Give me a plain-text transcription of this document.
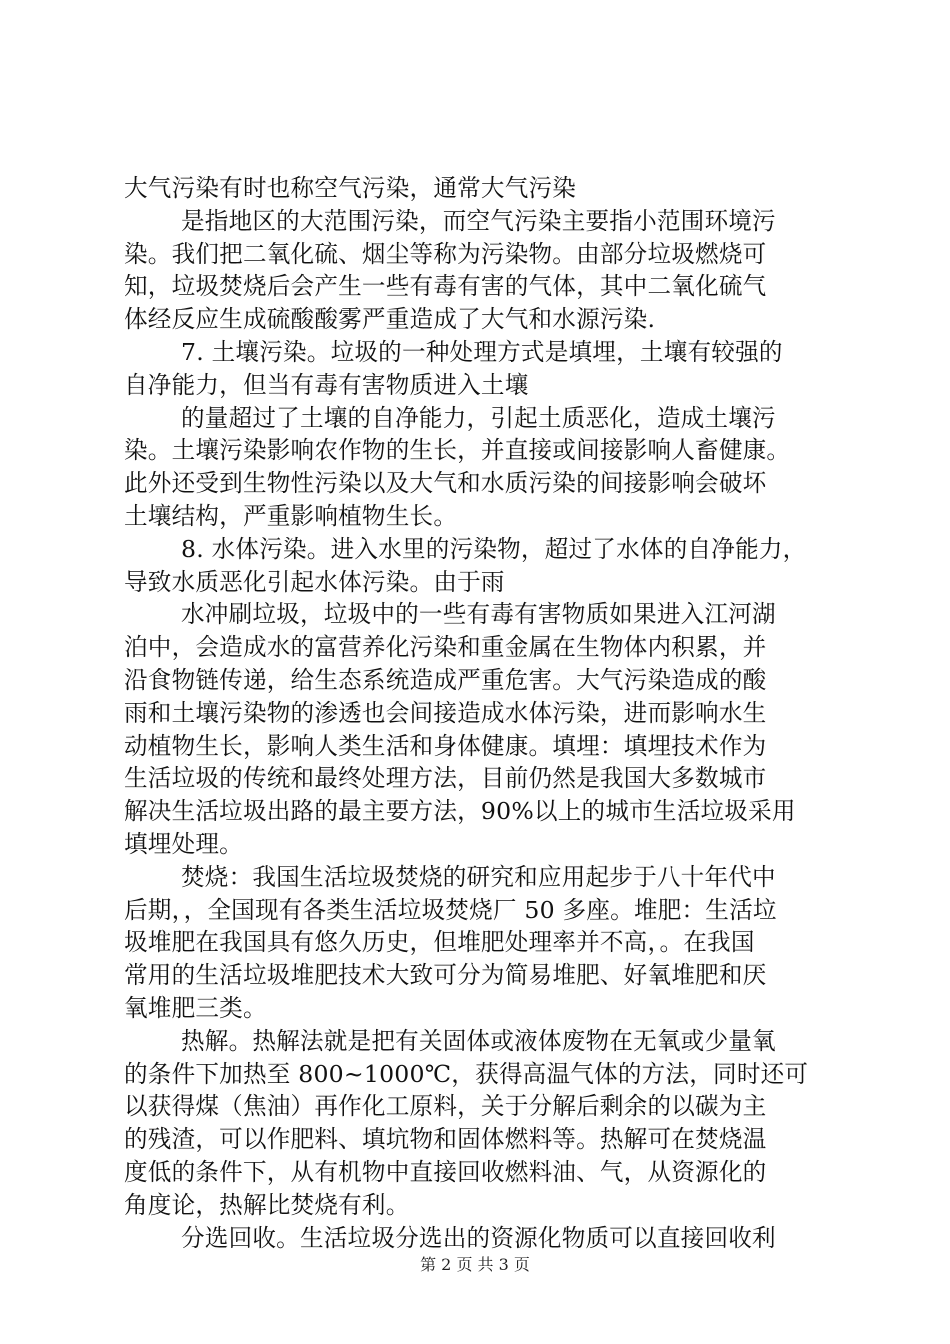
大气污染有时也称空气污染，通常大气污染
是指地区的大范围污染，而空气污染主要指小范围环境污
染。我们把二氧化硫、烟尘等称为污染物。由部分垃圾燃烧可
知，垃圾焚烧后会产生一些有毒有害的气体，其中二氧化硫气
体经反应生成硫酸酸雾严重造成了大气和水源污染.
7. 土壤污染。垃圾的一种处理方式是填埋，土壤有较强的
自净能力，但当有毒有害物质进入土壤
的量超过了土壤的自净能力，引起土质恶化，造成土壤污
染。土壤污染影响农作物的生长，并直接或间接影响人畜健康。
此外还受到生物性污染以及大气和水质污染的间接影响会破坏
土壤结构，严重影响植物生长。
8. 水体污染。进入水里的污染物，超过了水体的自净能力，
导致水质恶化引起水体污染。由于雨
水冲刷垃圾，垃圾中的一些有毒有害物质如果进入江河湖
泊中，会造成水的富营养化污染和重金属在生物体内积累，并
沿食物链传递，给生态系统造成严重危害。大气污染造成的酸
雨和土壤污染物的渗透也会间接造成水体污染，进而影响水生
动植物生长，影响人类生活和身体健康。填埋：填埋技术作为
生活垃圾的传统和最终处理方法，目前仍然是我国大多数城市
解决生活垃圾出路的最主要方法，90%以上的城市生活垃圾采用
填埋处理。
焚烧：我国生活垃圾焚烧的研究和应用起步于八十年代中
后期，，全国现有各类生活垃圾焚烧厂 50 多座。堆肥：生活垃
圾堆肥在我国具有悠久历史，但堆肥处理率并不高，。在我国
常用的生活垃圾堆肥技术大致可分为简易堆肥、好氧堆肥和厌
氧堆肥三类。
热解。热解法就是把有关固体或液体废物在无氧或少量氧
的条件下加热至 800~1000℃，获得高温气体的方法，同时还可
以获得煤（焦油）再作化工原料，关于分解后剩余的以碳为主
的残渣，可以作肥料、填坑物和固体燃料等。热解可在焚烧温
度低的条件下，从有机物中直接回收燃料油、气，从资源化的
角度论，热解比焚烧有利。
分选回收。生活垃圾分选出的资源化物质可以直接回收利
第 2 页 共 3 页
